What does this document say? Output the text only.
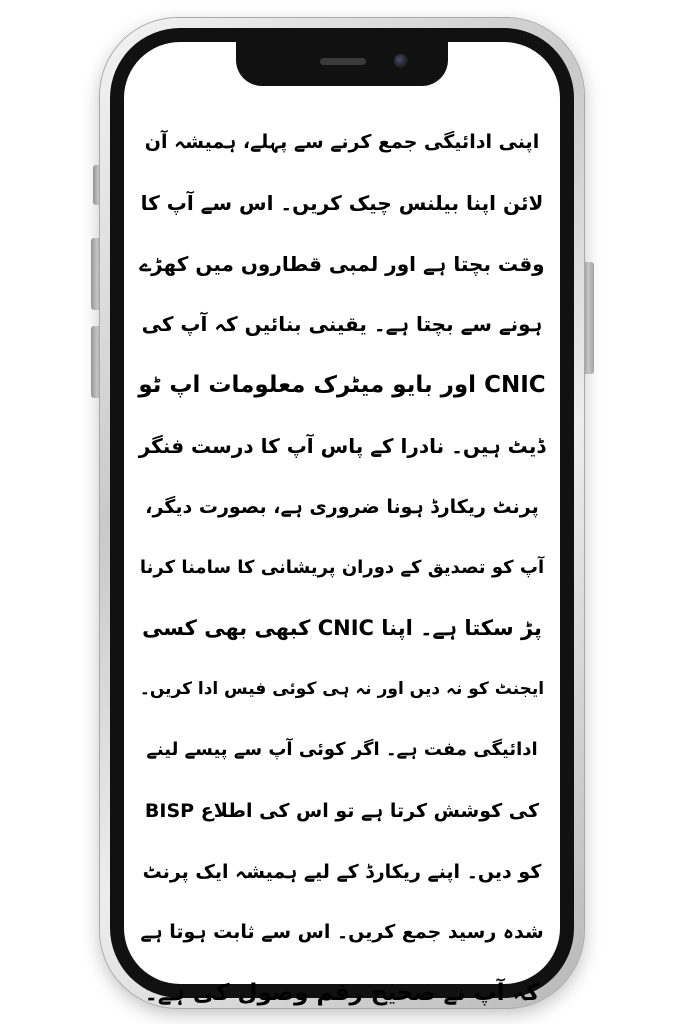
اپنی ادائیگی جمع کرنے سے پہلے، ہمیشہ آن
لائن اپنا بیلنس چیک کریں۔ اس سے آپ کا
وقت بچتا ہے اور لمبی قطاروں میں کھڑے
ہونے سے بچتا ہے۔ یقینی بنائیں کہ آپ کی
CNIC اور بایو میٹرک معلومات اپ ٹو
ڈیٹ ہیں۔ نادرا کے پاس آپ کا درست فنگر
پرنٹ ریکارڈ ہونا ضروری ہے، بصورت دیگر،
آپ کو تصدیق کے دوران پریشانی کا سامنا کرنا
پڑ سکتا ہے۔ اپنا CNIC کبھی بھی کسی
ایجنٹ کو نہ دیں اور نہ ہی کوئی فیس ادا کریں۔
ادائیگی مفت ہے۔ اگر کوئی آپ سے پیسے لینے
کی کوشش کرتا ہے تو اس کی اطلاع BISP
کو دیں۔ اپنے ریکارڈ کے لیے ہمیشہ ایک پرنٹ
شدہ رسید جمع کریں۔ اس سے ثابت ہوتا ہے
کہ آپ نے صحیح رقم وصول کی ہے۔
